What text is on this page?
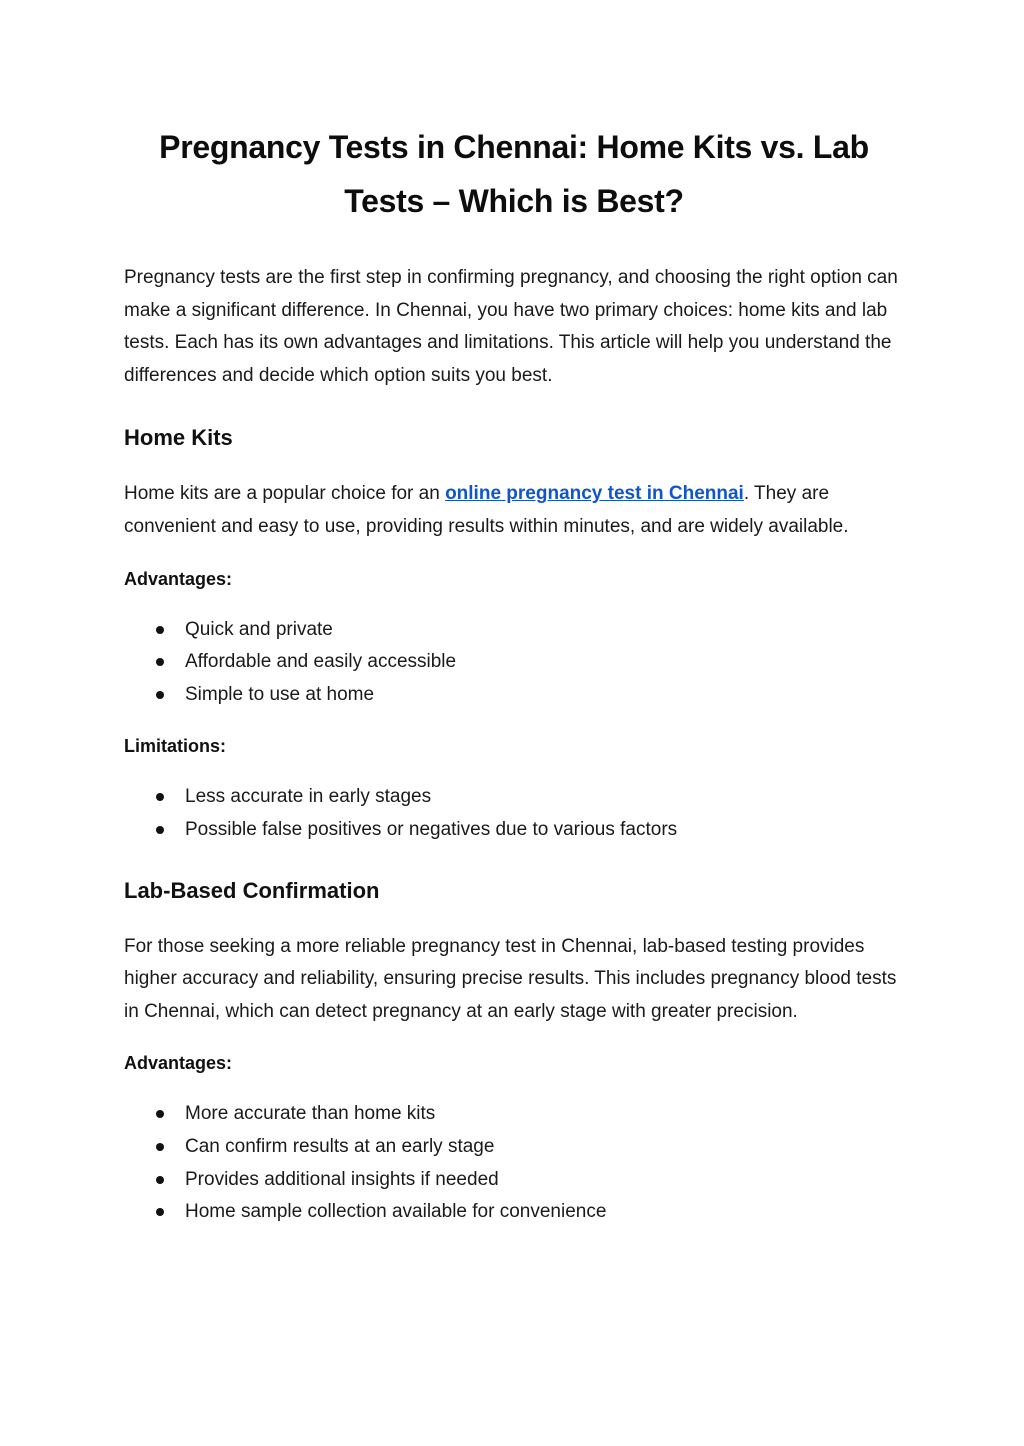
Pregnancy Tests in Chennai: Home Kits vs. Lab Tests – Which is Best?

Pregnancy tests are the first step in confirming pregnancy, and choosing the right option can make a significant difference. In Chennai, you have two primary choices: home kits and lab tests. Each has its own advantages and limitations. This article will help you understand the differences and decide which option suits you best.

Home Kits

Home kits are a popular choice for an online pregnancy test in Chennai. They are convenient and easy to use, providing results within minutes, and are widely available.

Advantages:
Quick and private
Affordable and easily accessible
Simple to use at home
Limitations:
Less accurate in early stages
Possible false positives or negatives due to various factors
Lab-Based Confirmation

For those seeking a more reliable pregnancy test in Chennai, lab-based testing provides higher accuracy and reliability, ensuring precise results. This includes pregnancy blood tests in Chennai, which can detect pregnancy at an early stage with greater precision.

Advantages:
More accurate than home kits
Can confirm results at an early stage
Provides additional insights if needed
Home sample collection available for convenience
